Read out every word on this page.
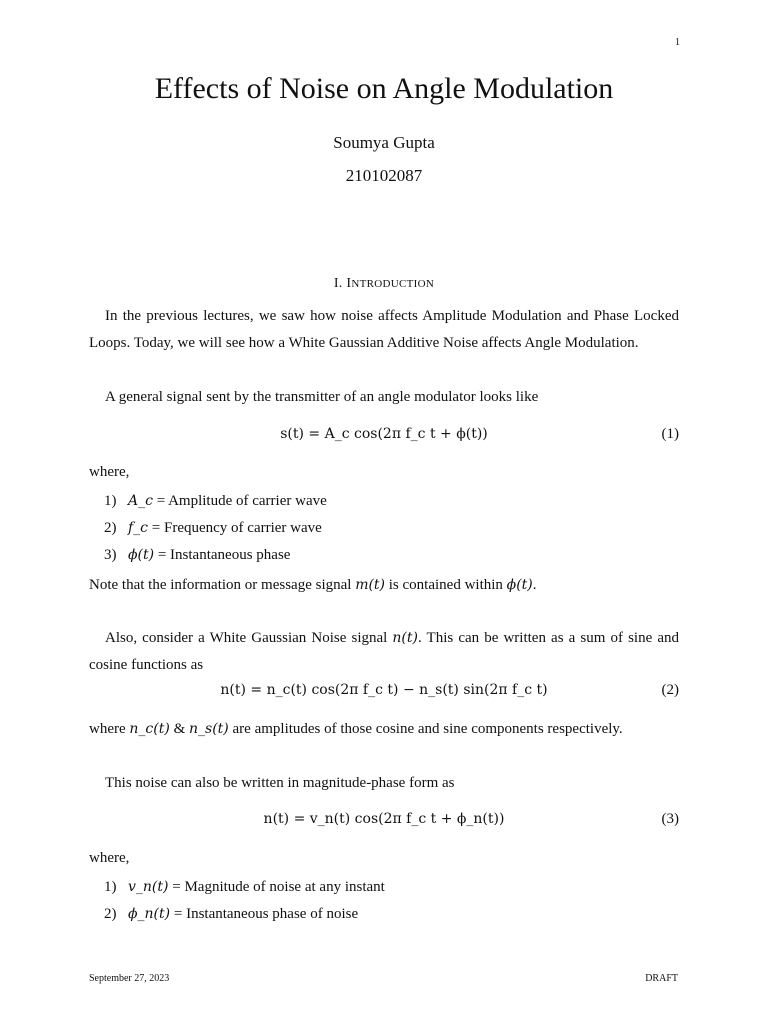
1
Effects of Noise on Angle Modulation
Soumya Gupta
210102087
I. INTRODUCTION
In the previous lectures, we saw how noise affects Amplitude Modulation and Phase Locked Loops. Today, we will see how a White Gaussian Additive Noise affects Angle Modulation.
A general signal sent by the transmitter of an angle modulator looks like
s(t) = A_c cos(2π f_c t + ϕ(t))	(1)
where,
1) A_c = Amplitude of carrier wave
2) f_c = Frequency of carrier wave
3) ϕ(t) = Instantaneous phase
Note that the information or message signal m(t) is contained within ϕ(t).
Also, consider a White Gaussian Noise signal n(t). This can be written as a sum of sine and cosine functions as
n(t) = n_c(t) cos(2π f_c t) − n_s(t) sin(2π f_c t)	(2)
where n_c(t) & n_s(t) are amplitudes of those cosine and sine components respectively.
This noise can also be written in magnitude-phase form as
n(t) = v_n(t) cos(2π f_c t + ϕ_n(t))	(3)
where,
1) v_n(t) = Magnitude of noise at any instant
2) ϕ_n(t) = Instantaneous phase of noise
September 27, 2023	DRAFT
